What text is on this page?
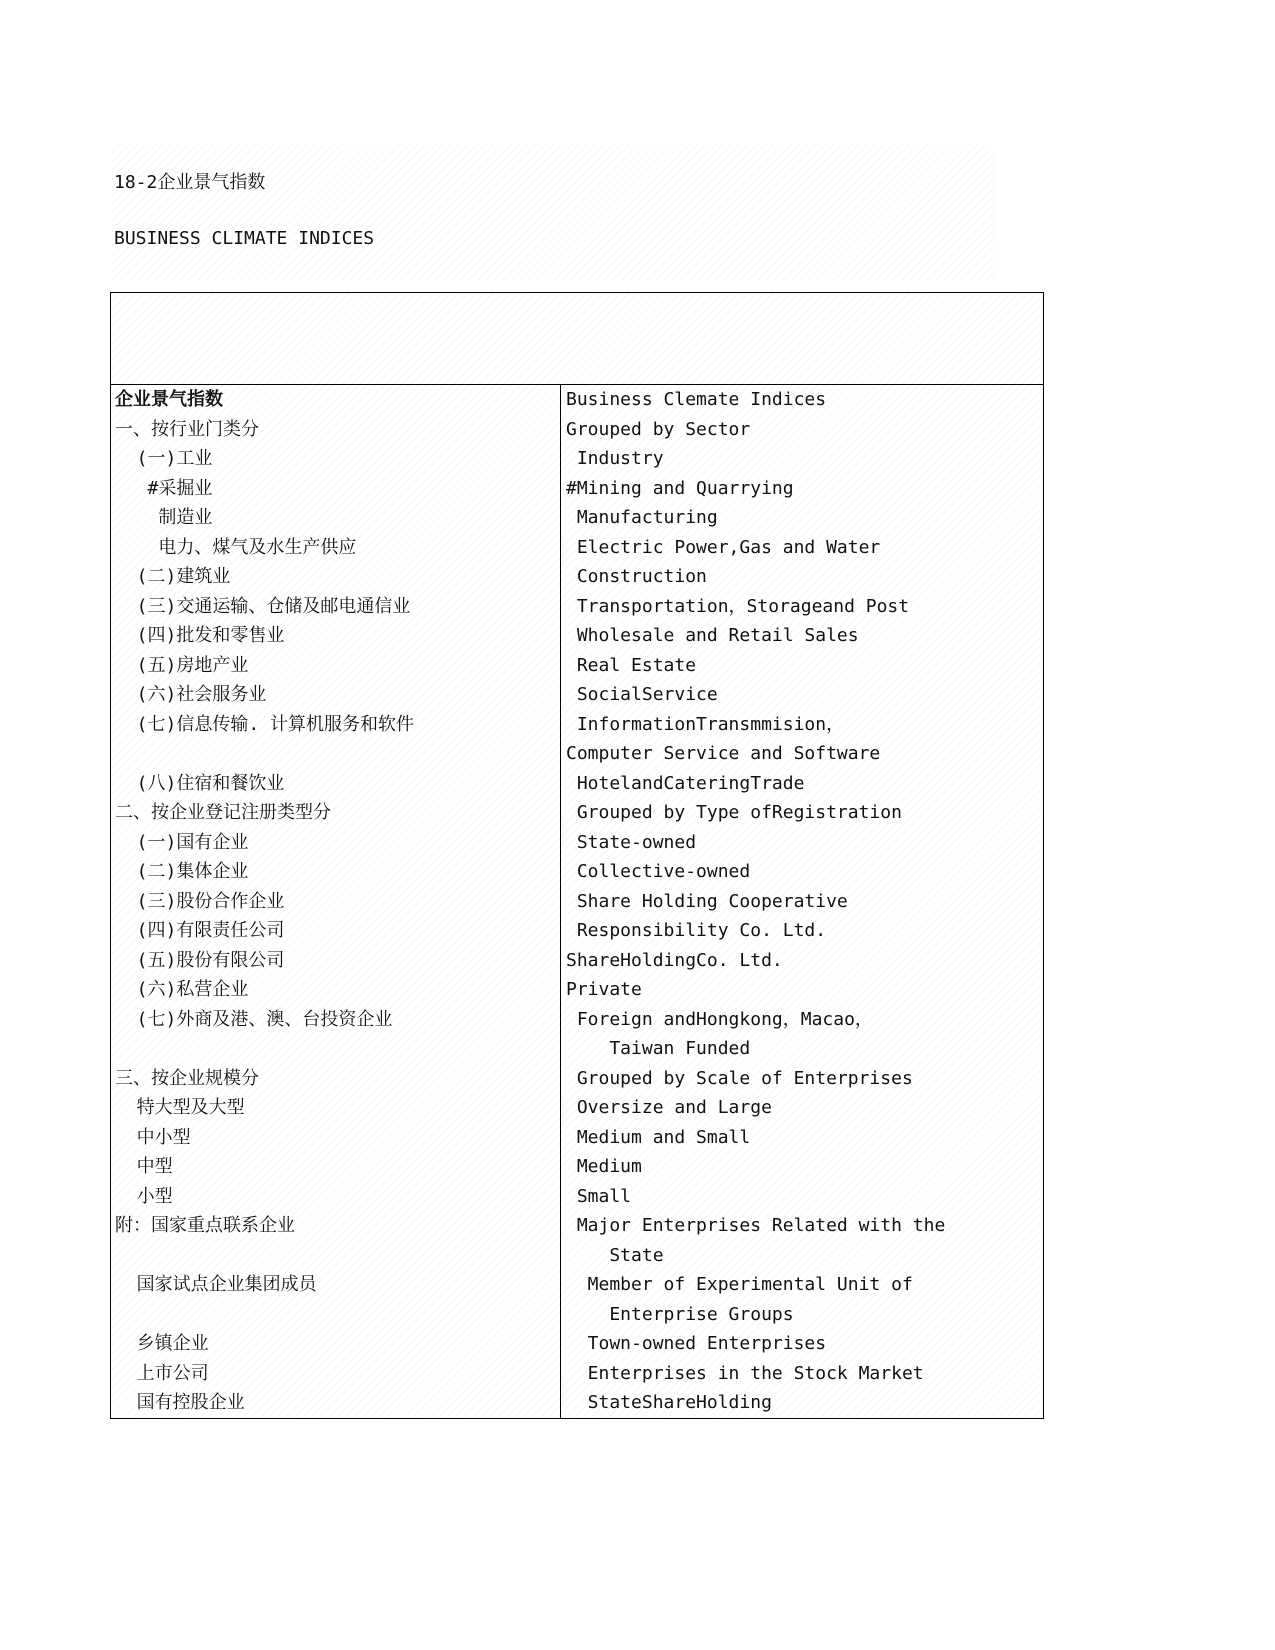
18-2企业景气指数
BUSINESS CLIMATE INDICES
企业景气指数	Business Clemate Indices
一、按行业门类分	Grouped by Sector
(一)工业	Industry
#采掘业	#Mining and Quarrying
制造业	Manufacturing
电力、煤气及水生产供应	Electric Power,Gas and Water
(二)建筑业	Construction
(三)交通运输、仓储及邮电通信业	Transportation，Storageand Post
(四)批发和零售业	Wholesale and Retail Sales
(五)房地产业	Real Estate
(六)社会服务业	SocialService
(七)信息传输. 计算机服务和软件	InformationTransmmision，
Computer Service and Software
(八)住宿和餐饮业	HotelandCateringTrade
二、按企业登记注册类型分	Grouped by Type ofRegistration
(一)国有企业	State-owned
(二)集体企业	Collective-owned
(三)股份合作企业	Share Holding Cooperative
(四)有限责任公司	Responsibility Co. Ltd.
(五)股份有限公司	ShareHoldingCo. Ltd.
(六)私营企业	Private
(七)外商及港、澳、台投资企业	Foreign andHongkong，Macao，
Taiwan Funded
三、按企业规模分	Grouped by Scale of Enterprises
特大型及大型	Oversize and Large
中小型	Medium and Small
中型	Medium
小型	Small
附：国家重点联系企业	Major Enterprises Related with the
State
国家试点企业集团成员	Member of Experimental Unit of
Enterprise Groups
乡镇企业	Town-owned Enterprises
上市公司	Enterprises in the Stock Market
国有控股企业	StateShareHolding
